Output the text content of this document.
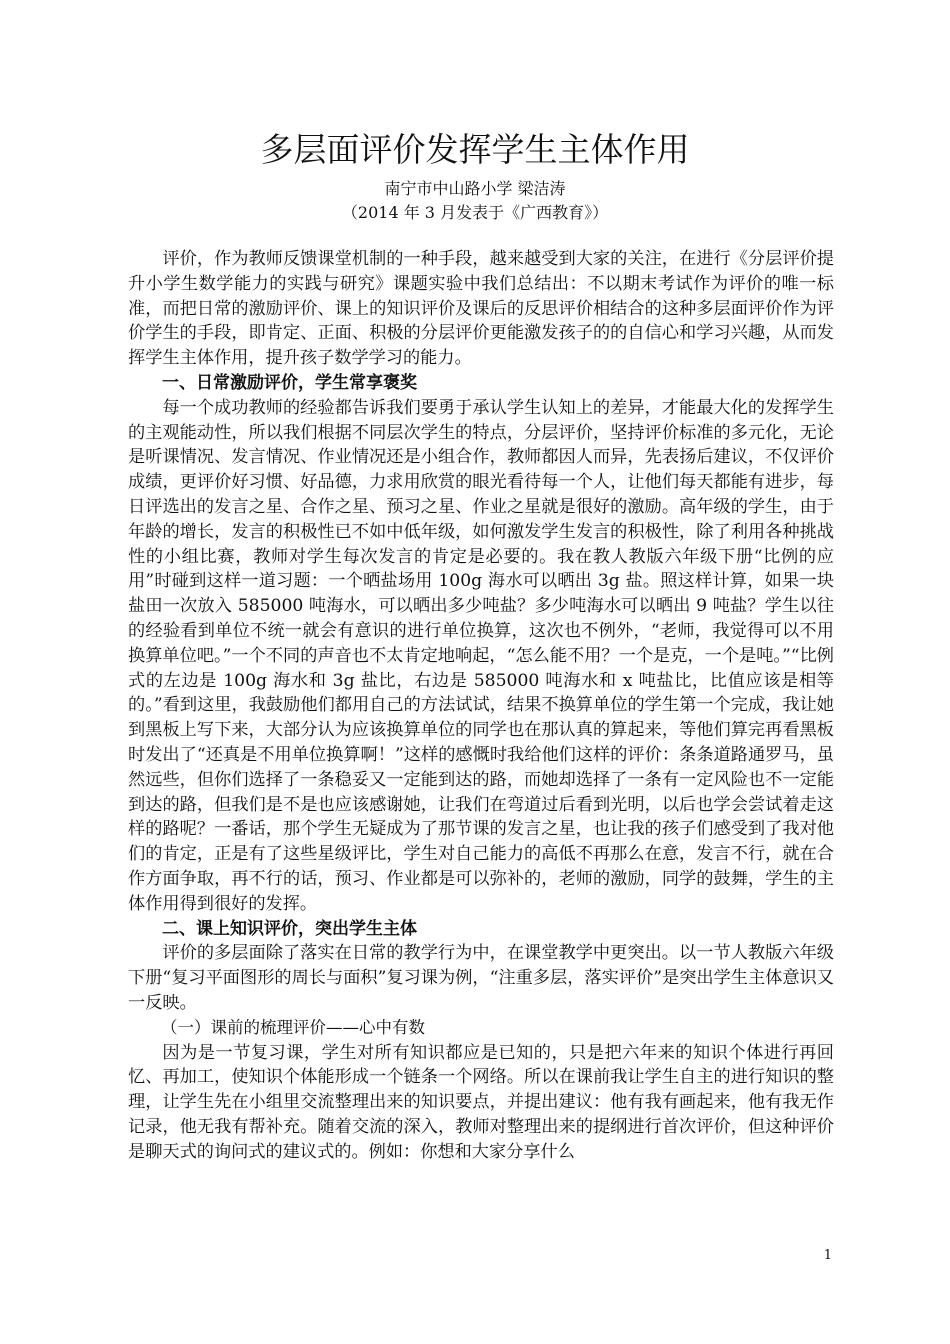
多层面评价发挥学生主体作用
南宁市中山路小学 梁洁涛
（2014 年 3 月发表于《广西教育》）

评价，作为教师反馈课堂机制的一种手段，越来越受到大家的关注，在进行《分层评价提升小学生数学能力的实践与研究》课题实验中我们总结出：不以期末考试作为评价的唯一标准，而把日常的激励评价、课上的知识评价及课后的反思评价相结合的这种多层面评价作为评价学生的手段，即肯定、正面、积极的分层评价更能激发孩子的的自信心和学习兴趣，从而发挥学生主体作用，提升孩子数学学习的能力。

一、日常激励评价，学生常享褒奖

每一个成功教师的经验都告诉我们要勇于承认学生认知上的差异，才能最大化的发挥学生的主观能动性，所以我们根据不同层次学生的特点，分层评价，坚持评价标准的多元化，无论是听课情况、发言情况、作业情况还是小组合作，教师都因人而异，先表扬后建议，不仅评价成绩，更评价好习惯、好品德，力求用欣赏的眼光看待每一个人，让他们每天都能有进步，每日评选出的发言之星、合作之星、预习之星、作业之星就是很好的激励。高年级的学生，由于年龄的增长，发言的积极性已不如中低年级，如何激发学生发言的积极性，除了利用各种挑战性的小组比赛，教师对学生每次发言的肯定是必要的。我在教人教版六年级下册“比例的应用”时碰到这样一道习题：一个晒盐场用 100g 海水可以晒出 3g 盐。照这样计算，如果一块盐田一次放入 585000 吨海水，可以晒出多少吨盐？多少吨海水可以晒出 9 吨盐？学生以往的经验看到单位不统一就会有意识的进行单位换算，这次也不例外，“老师，我觉得可以不用换算单位吧。”一个不同的声音也不太肯定地响起，“怎么能不用？一个是克，一个是吨。”“比例式的左边是 100g 海水和 3g 盐比，右边是 585000 吨海水和 x 吨盐比，比值应该是相等的。”看到这里，我鼓励他们都用自己的方法试试，结果不换算单位的学生第一个完成，我让她到黑板上写下来，大部分认为应该换算单位的同学也在那认真的算起来，等他们算完再看黑板时发出了“还真是不用单位换算啊！”这样的感慨时我给他们这样的评价：条条道路通罗马，虽然远些，但你们选择了一条稳妥又一定能到达的路，而她却选择了一条有一定风险也不一定能到达的路，但我们是不是也应该感谢她，让我们在弯道过后看到光明，以后也学会尝试着走这样的路呢？一番话，那个学生无疑成为了那节课的发言之星，也让我的孩子们感受到了我对他们的肯定，正是有了这些星级评比，学生对自己能力的高低不再那么在意，发言不行，就在合作方面争取，再不行的话，预习、作业都是可以弥补的，老师的激励，同学的鼓舞，学生的主体作用得到很好的发挥。

二、课上知识评价，突出学生主体

评价的多层面除了落实在日常的教学行为中，在课堂教学中更突出。以一节人教版六年级下册“复习平面图形的周长与面积”复习课为例，“注重多层，落实评价”是突出学生主体意识又一反映。

（一）课前的梳理评价——心中有数

因为是一节复习课，学生对所有知识都应是已知的，只是把六年来的知识个体进行再回忆、再加工，使知识个体能形成一个链条一个网络。所以在课前我让学生自主的进行知识的整理，让学生先在小组里交流整理出来的知识要点，并提出建议：他有我有画起来，他有我无作记录，他无我有帮补充。随着交流的深入，教师对整理出来的提纲进行首次评价，但这种评价是聊天式的询问式的建议式的。例如：你想和大家分享什么

1
